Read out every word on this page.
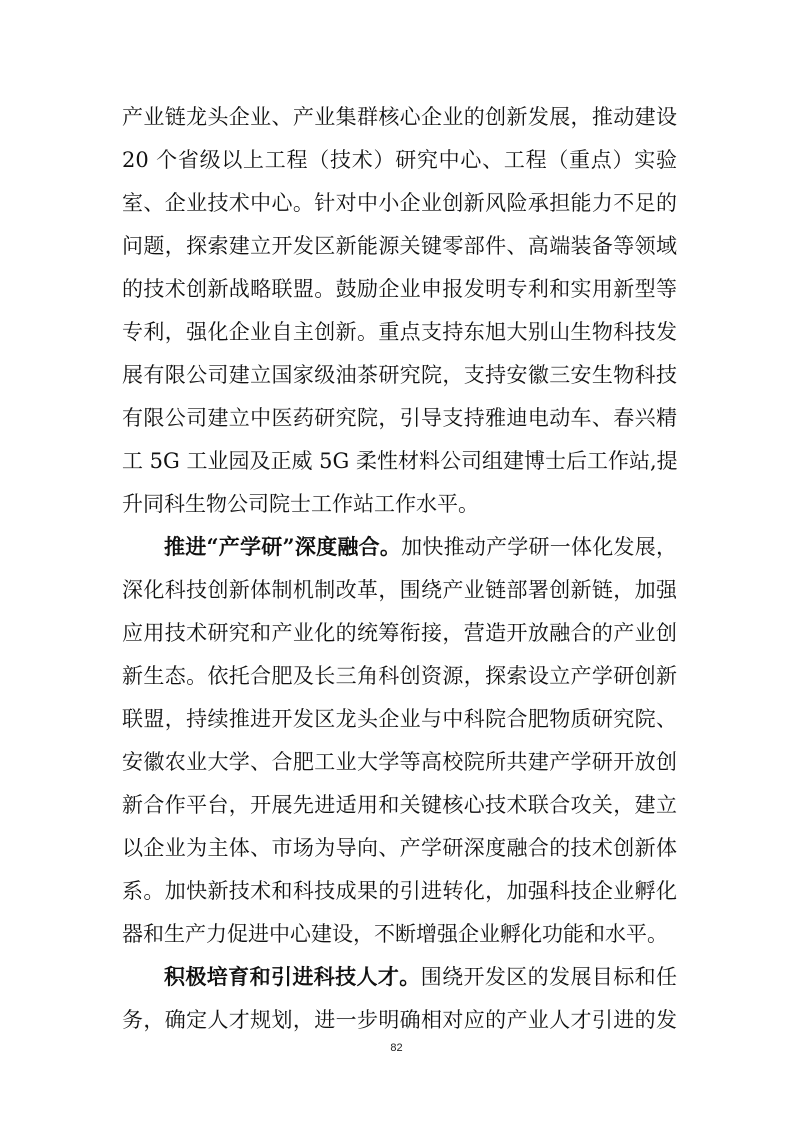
产业链龙头企业、产业集群核心企业的创新发展，推动建设
20 个省级以上工程（技术）研究中心、工程（重点）实验
室、企业技术中心。针对中小企业创新风险承担能力不足的
问题，探索建立开发区新能源关键零部件、高端装备等领域
的技术创新战略联盟。鼓励企业申报发明专利和实用新型等
专利，强化企业自主创新。重点支持东旭大别山生物科技发
展有限公司建立国家级油茶研究院，支持安徽三安生物科技
有限公司建立中医药研究院，引导支持雅迪电动车、春兴精
工 5G 工业园及正威 5G 柔性材料公司组建博士后工作站,提
升同科生物公司院士工作站工作水平。
推进“产学研”深度融合。加快推动产学研一体化发展，
深化科技创新体制机制改革，围绕产业链部署创新链，加强
应用技术研究和产业化的统筹衔接，营造开放融合的产业创
新生态。依托合肥及长三角科创资源，探索设立产学研创新
联盟，持续推进开发区龙头企业与中科院合肥物质研究院、
安徽农业大学、合肥工业大学等高校院所共建产学研开放创
新合作平台，开展先进适用和关键核心技术联合攻关，建立
以企业为主体、市场为导向、产学研深度融合的技术创新体
系。加快新技术和科技成果的引进转化，加强科技企业孵化
器和生产力促进中心建设，不断增强企业孵化功能和水平。
积极培育和引进科技人才。围绕开发区的发展目标和任
务，确定人才规划，进一步明确相对应的产业人才引进的发
82
